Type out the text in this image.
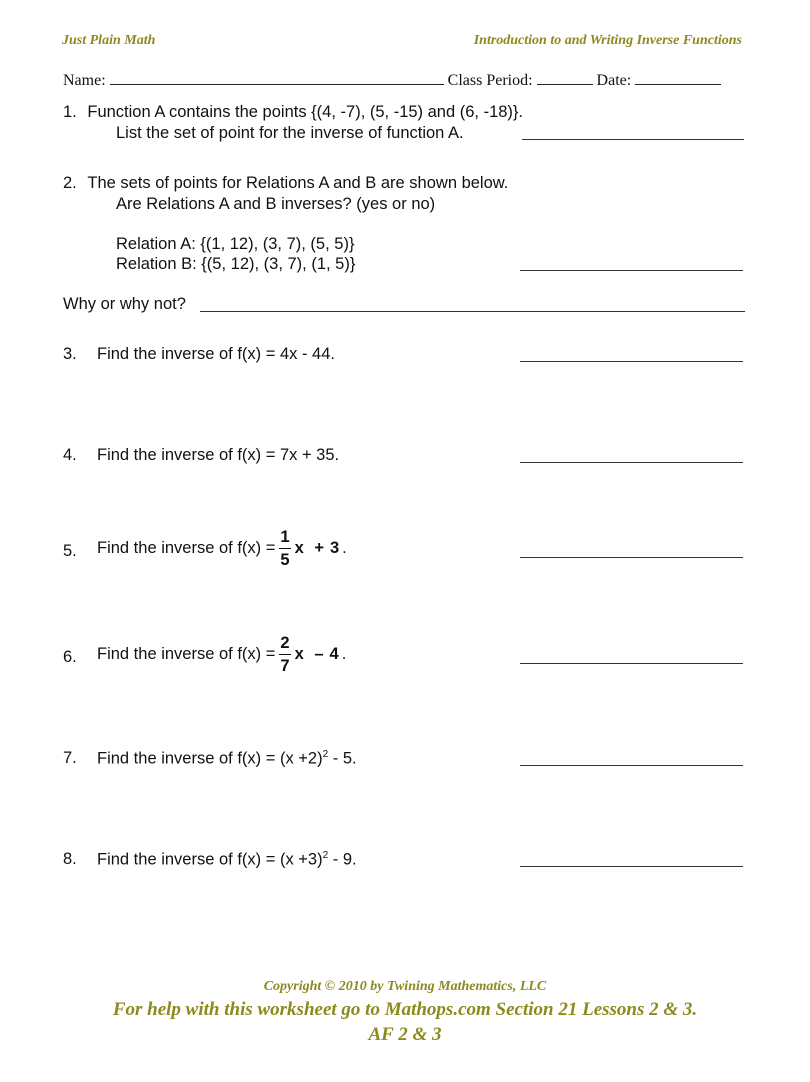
Just Plain Math	Introduction to and Writing Inverse Functions
Name:	Class Period:	Date:
1. Function A contains the points {(4, -7), (5, -15) and (6, -18)}.
List the set of point for the inverse of function A.
2. The sets of points for Relations A and B are shown below.
Are Relations A and B inverses? (yes or no)
Relation A: {(1, 12), (3, 7), (5, 5)}
Relation B: {(5, 12), (3, 7), (1, 5)}
Why or why not?
3. Find the inverse of f(x) = 4x - 44.
4. Find the inverse of f(x) = 7x + 35.
5. Find the inverse of $f(x) = \frac{1}{5}$ x + 3 .
6. Find the inverse of $f(x) = \frac{2}{7}$ x – 4 .
7. Find the inverse of $f(x) = (x +2)^2 - 5$.
8. Find the inverse of $f(x) = (x +3)^2 - 9$.
Copyright © 2010 by Twining Mathematics, LLC
For help with this worksheet go to Mathops.com Section 21 Lessons 2 & 3.
AF 2 & 3
